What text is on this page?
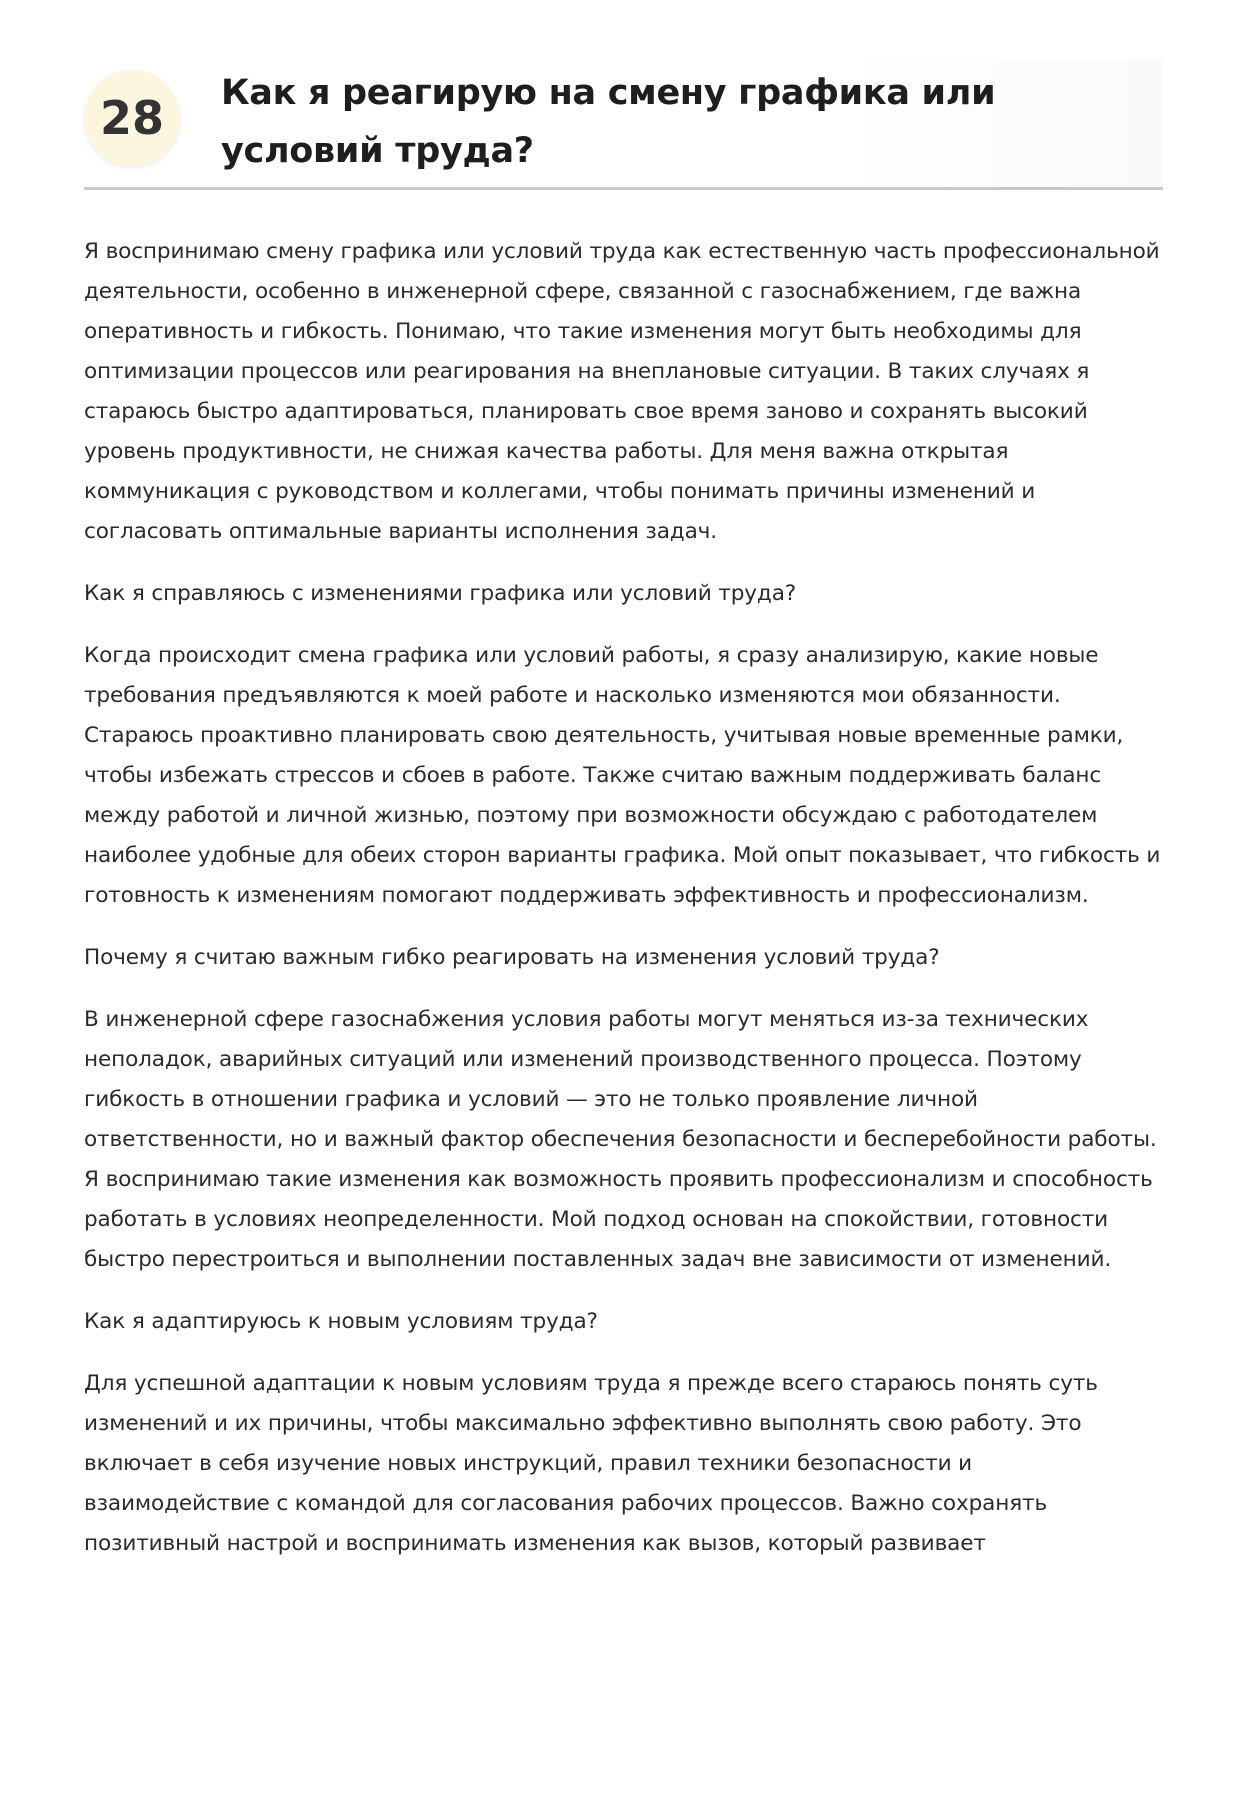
28	Как я реагирую на смену графика или условий труда?

Я воспринимаю смену графика или условий труда как естественную часть профессиональной деятельности, особенно в инженерной сфере, связанной с газоснабжением, где важна оперативность и гибкость. Понимаю, что такие изменения могут быть необходимы для оптимизации процессов или реагирования на внеплановые ситуации. В таких случаях я стараюсь быстро адаптироваться, планировать свое время заново и сохранять высокий уровень продуктивности, не снижая качества работы. Для меня важна открытая коммуникация с руководством и коллегами, чтобы понимать причины изменений и согласовать оптимальные варианты исполнения задач.

Как я справляюсь с изменениями графика или условий труда?

Когда происходит смена графика или условий работы, я сразу анализирую, какие новые требования предъявляются к моей работе и насколько изменяются мои обязанности. Стараюсь проактивно планировать свою деятельность, учитывая новые временные рамки, чтобы избежать стрессов и сбоев в работе. Также считаю важным поддерживать баланс между работой и личной жизнью, поэтому при возможности обсуждаю с работодателем наиболее удобные для обеих сторон варианты графика. Мой опыт показывает, что гибкость и готовность к изменениям помогают поддерживать эффективность и профессионализм.

Почему я считаю важным гибко реагировать на изменения условий труда?

В инженерной сфере газоснабжения условия работы могут меняться из-за технических неполадок, аварийных ситуаций или изменений производственного процесса. Поэтому гибкость в отношении графика и условий — это не только проявление личной ответственности, но и важный фактор обеспечения безопасности и бесперебойности работы. Я воспринимаю такие изменения как возможность проявить профессионализм и способность работать в условиях неопределенности. Мой подход основан на спокойствии, готовности быстро перестроиться и выполнении поставленных задач вне зависимости от изменений.

Как я адаптируюсь к новым условиям труда?

Для успешной адаптации к новым условиям труда я прежде всего стараюсь понять суть изменений и их причины, чтобы максимально эффективно выполнять свою работу. Это включает в себя изучение новых инструкций, правил техники безопасности и взаимодействие с командой для согласования рабочих процессов. Важно сохранять позитивный настрой и воспринимать изменения как вызов, который развивает
